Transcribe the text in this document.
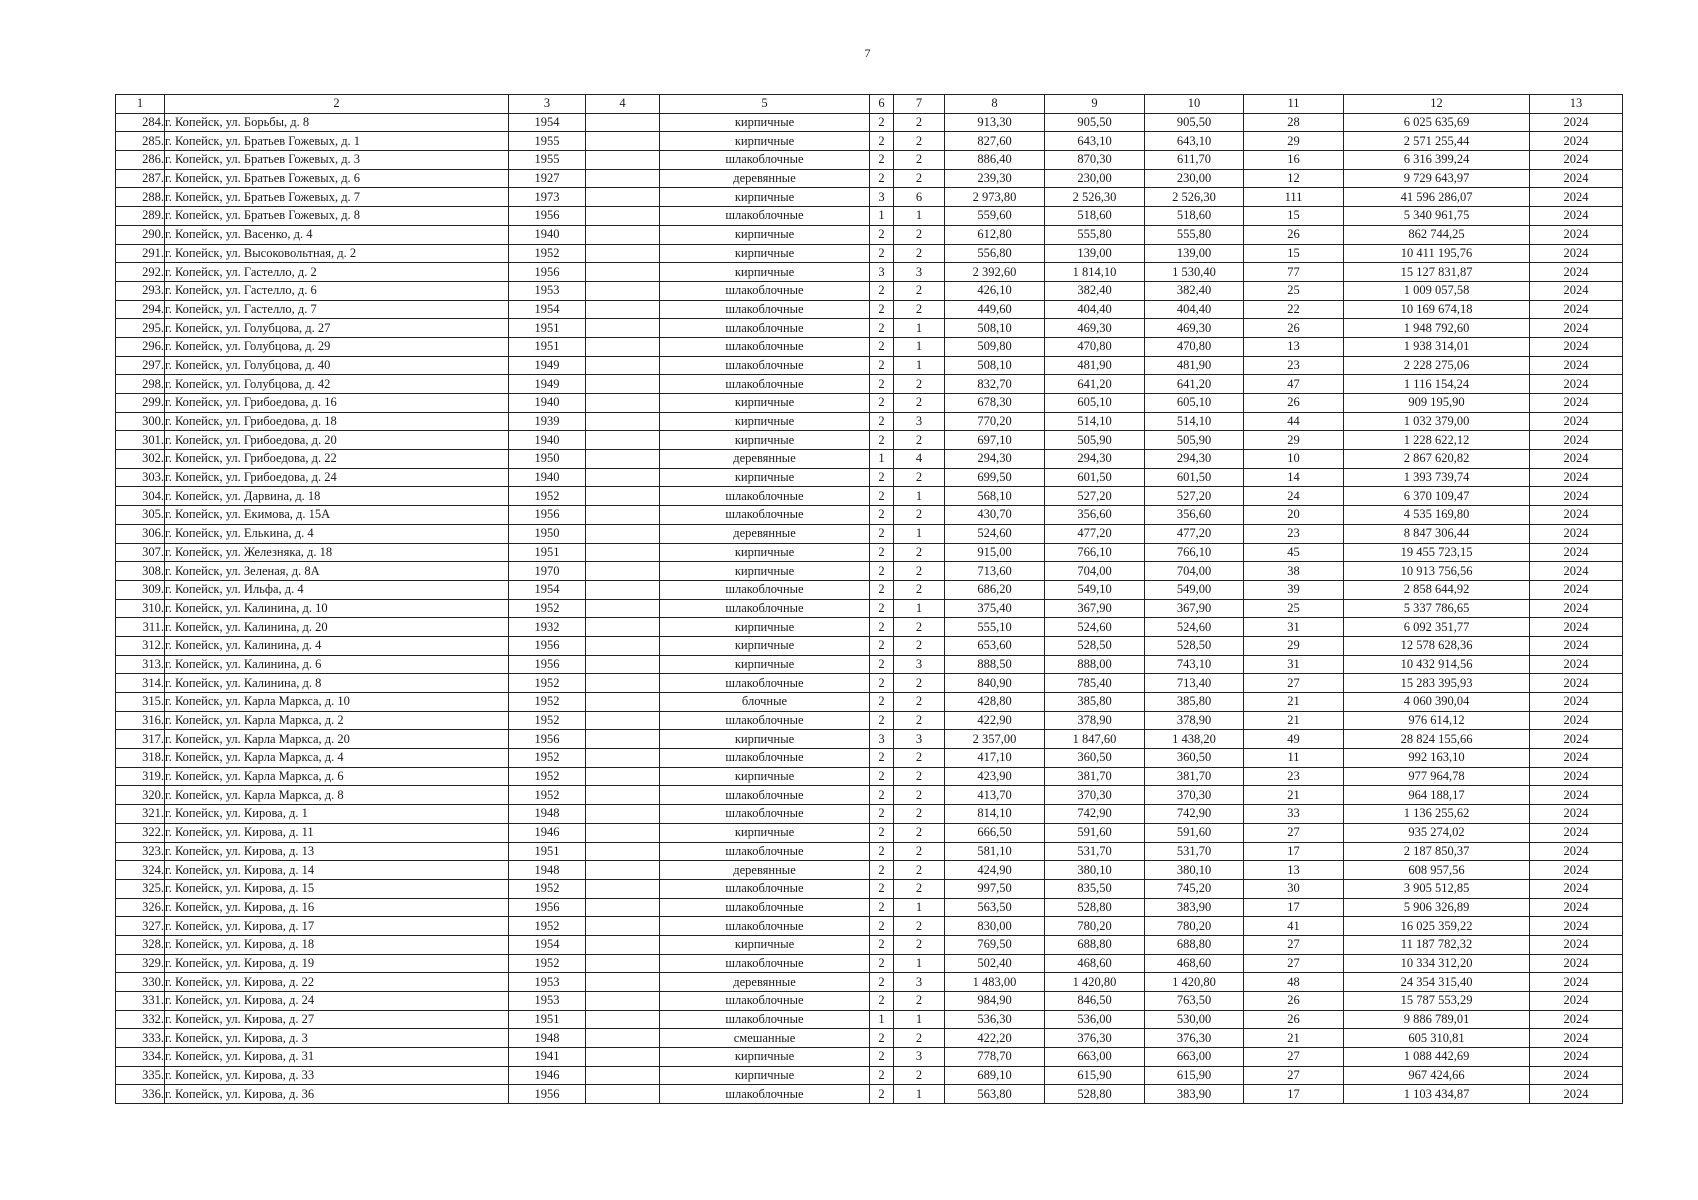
7
1	2	3	4	5	6	7	8	9	10	11	12	13
284.	г. Копейск, ул. Борьбы, д. 8	1954		кирпичные	2	2	913,30	905,50	905,50	28	6 025 635,69	2024
285.	г. Копейск, ул. Братьев Гожевых, д. 1	1955		кирпичные	2	2	827,60	643,10	643,10	29	2 571 255,44	2024
286.	г. Копейск, ул. Братьев Гожевых, д. 3	1955		шлакоблочные	2	2	886,40	870,30	611,70	16	6 316 399,24	2024
287.	г. Копейск, ул. Братьев Гожевых, д. 6	1927		деревянные	2	2	239,30	230,00	230,00	12	9 729 643,97	2024
288.	г. Копейск, ул. Братьев Гожевых, д. 7	1973		кирпичные	3	6	2 973,80	2 526,30	2 526,30	111	41 596 286,07	2024
289.	г. Копейск, ул. Братьев Гожевых, д. 8	1956		шлакоблочные	1	1	559,60	518,60	518,60	15	5 340 961,75	2024
290.	г. Копейск, ул. Васенко, д. 4	1940		кирпичные	2	2	612,80	555,80	555,80	26	862 744,25	2024
291.	г. Копейск, ул. Высоковольтная, д. 2	1952		кирпичные	2	2	556,80	139,00	139,00	15	10 411 195,76	2024
292.	г. Копейск, ул. Гастелло, д. 2	1956		кирпичные	3	3	2 392,60	1 814,10	1 530,40	77	15 127 831,87	2024
293.	г. Копейск, ул. Гастелло, д. 6	1953		шлакоблочные	2	2	426,10	382,40	382,40	25	1 009 057,58	2024
294.	г. Копейск, ул. Гастелло, д. 7	1954		шлакоблочные	2	2	449,60	404,40	404,40	22	10 169 674,18	2024
295.	г. Копейск, ул. Голубцова, д. 27	1951		шлакоблочные	2	1	508,10	469,30	469,30	26	1 948 792,60	2024
296.	г. Копейск, ул. Голубцова, д. 29	1951		шлакоблочные	2	1	509,80	470,80	470,80	13	1 938 314,01	2024
297.	г. Копейск, ул. Голубцова, д. 40	1949		шлакоблочные	2	1	508,10	481,90	481,90	23	2 228 275,06	2024
298.	г. Копейск, ул. Голубцова, д. 42	1949		шлакоблочные	2	2	832,70	641,20	641,20	47	1 116 154,24	2024
299.	г. Копейск, ул. Грибоедова, д. 16	1940		кирпичные	2	2	678,30	605,10	605,10	26	909 195,90	2024
300.	г. Копейск, ул. Грибоедова, д. 18	1939		кирпичные	2	3	770,20	514,10	514,10	44	1 032 379,00	2024
301.	г. Копейск, ул. Грибоедова, д. 20	1940		кирпичные	2	2	697,10	505,90	505,90	29	1 228 622,12	2024
302.	г. Копейск, ул. Грибоедова, д. 22	1950		деревянные	1	4	294,30	294,30	294,30	10	2 867 620,82	2024
303.	г. Копейск, ул. Грибоедова, д. 24	1940		кирпичные	2	2	699,50	601,50	601,50	14	1 393 739,74	2024
304.	г. Копейск, ул. Дарвина, д. 18	1952		шлакоблочные	2	1	568,10	527,20	527,20	24	6 370 109,47	2024
305.	г. Копейск, ул. Екимова, д. 15А	1956		шлакоблочные	2	2	430,70	356,60	356,60	20	4 535 169,80	2024
306.	г. Копейск, ул. Елькина, д. 4	1950		деревянные	2	1	524,60	477,20	477,20	23	8 847 306,44	2024
307.	г. Копейск, ул. Железняка, д. 18	1951		кирпичные	2	2	915,00	766,10	766,10	45	19 455 723,15	2024
308.	г. Копейск, ул. Зеленая, д. 8А	1970		кирпичные	2	2	713,60	704,00	704,00	38	10 913 756,56	2024
309.	г. Копейск, ул. Ильфа, д. 4	1954		шлакоблочные	2	2	686,20	549,10	549,00	39	2 858 644,92	2024
310.	г. Копейск, ул. Калинина, д. 10	1952		шлакоблочные	2	1	375,40	367,90	367,90	25	5 337 786,65	2024
311.	г. Копейск, ул. Калинина, д. 20	1932		кирпичные	2	2	555,10	524,60	524,60	31	6 092 351,77	2024
312.	г. Копейск, ул. Калинина, д. 4	1956		кирпичные	2	2	653,60	528,50	528,50	29	12 578 628,36	2024
313.	г. Копейск, ул. Калинина, д. 6	1956		кирпичные	2	3	888,50	888,00	743,10	31	10 432 914,56	2024
314.	г. Копейск, ул. Калинина, д. 8	1952		шлакоблочные	2	2	840,90	785,40	713,40	27	15 283 395,93	2024
315.	г. Копейск, ул. Карла Маркса, д. 10	1952		блочные	2	2	428,80	385,80	385,80	21	4 060 390,04	2024
316.	г. Копейск, ул. Карла Маркса, д. 2	1952		шлакоблочные	2	2	422,90	378,90	378,90	21	976 614,12	2024
317.	г. Копейск, ул. Карла Маркса, д. 20	1956		кирпичные	3	3	2 357,00	1 847,60	1 438,20	49	28 824 155,66	2024
318.	г. Копейск, ул. Карла Маркса, д. 4	1952		шлакоблочные	2	2	417,10	360,50	360,50	11	992 163,10	2024
319.	г. Копейск, ул. Карла Маркса, д. 6	1952		кирпичные	2	2	423,90	381,70	381,70	23	977 964,78	2024
320.	г. Копейск, ул. Карла Маркса, д. 8	1952		шлакоблочные	2	2	413,70	370,30	370,30	21	964 188,17	2024
321.	г. Копейск, ул. Кирова, д. 1	1948		шлакоблочные	2	2	814,10	742,90	742,90	33	1 136 255,62	2024
322.	г. Копейск, ул. Кирова, д. 11	1946		кирпичные	2	2	666,50	591,60	591,60	27	935 274,02	2024
323.	г. Копейск, ул. Кирова, д. 13	1951		шлакоблочные	2	2	581,10	531,70	531,70	17	2 187 850,37	2024
324.	г. Копейск, ул. Кирова, д. 14	1948		деревянные	2	2	424,90	380,10	380,10	13	608 957,56	2024
325.	г. Копейск, ул. Кирова, д. 15	1952		шлакоблочные	2	2	997,50	835,50	745,20	30	3 905 512,85	2024
326.	г. Копейск, ул. Кирова, д. 16	1956		шлакоблочные	2	1	563,50	528,80	383,90	17	5 906 326,89	2024
327.	г. Копейск, ул. Кирова, д. 17	1952		шлакоблочные	2	2	830,00	780,20	780,20	41	16 025 359,22	2024
328.	г. Копейск, ул. Кирова, д. 18	1954		кирпичные	2	2	769,50	688,80	688,80	27	11 187 782,32	2024
329.	г. Копейск, ул. Кирова, д. 19	1952		шлакоблочные	2	1	502,40	468,60	468,60	27	10 334 312,20	2024
330.	г. Копейск, ул. Кирова, д. 22	1953		деревянные	2	3	1 483,00	1 420,80	1 420,80	48	24 354 315,40	2024
331.	г. Копейск, ул. Кирова, д. 24	1953		шлакоблочные	2	2	984,90	846,50	763,50	26	15 787 553,29	2024
332.	г. Копейск, ул. Кирова, д. 27	1951		шлакоблочные	1	1	536,30	536,00	530,00	26	9 886 789,01	2024
333.	г. Копейск, ул. Кирова, д. 3	1948		смешанные	2	2	422,20	376,30	376,30	21	605 310,81	2024
334.	г. Копейск, ул. Кирова, д. 31	1941		кирпичные	2	3	778,70	663,00	663,00	27	1 088 442,69	2024
335.	г. Копейск, ул. Кирова, д. 33	1946		кирпичные	2	2	689,10	615,90	615,90	27	967 424,66	2024
336.	г. Копейск, ул. Кирова, д. 36	1956		шлакоблочные	2	1	563,80	528,80	383,90	17	1 103 434,87	2024
